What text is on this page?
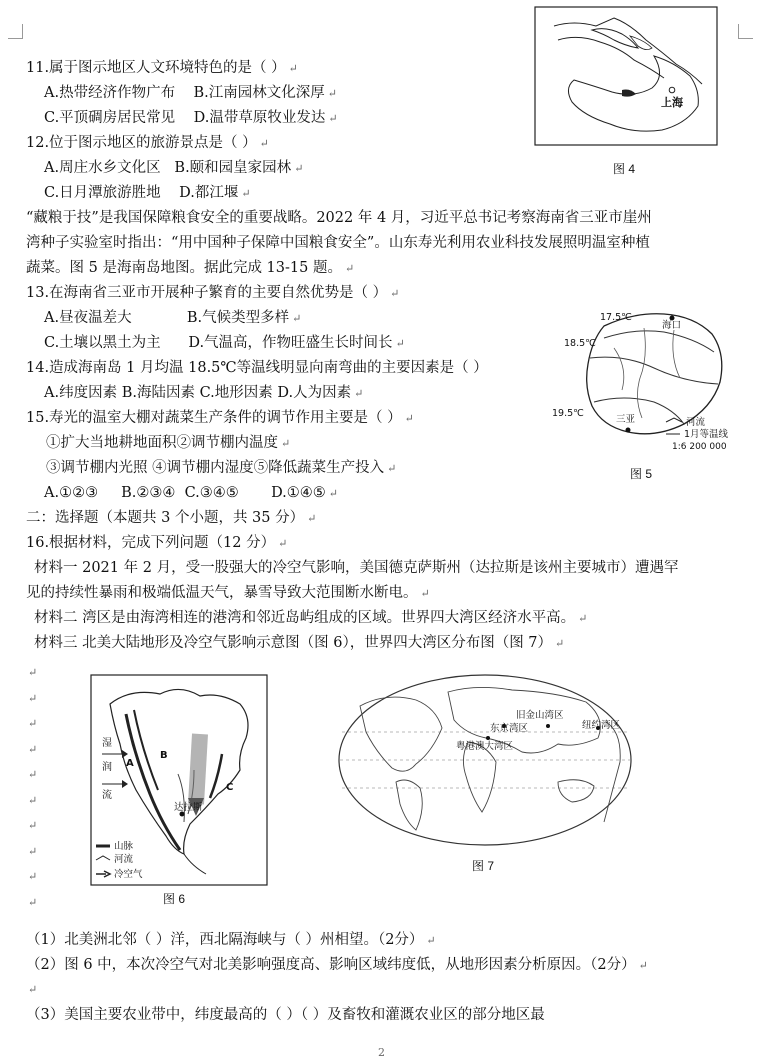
11.属于图示地区人文环境特色的是（ ） ↵
A.热带经济作物广布 B.江南园林文化深厚 ↵
C.平顶碉房居民常见 D.温带草原牧业发达 ↵
12.位于图示地区的旅游景点是（ ） ↵
A.周庄水乡文化区 B.颐和园皇家园林 ↵
C.日月潭旅游胜地 D.都江堰 ↵
上海
图 4
“藏粮于技”是我国保障粮食安全的重要战略。2022 年 4 月，习近平总书记考察海南省三亚市崖州
湾种子实验室时指出：“用中国种子保障中国粮食安全”。山东寿光利用农业科技发展照明温室种植
蔬菜。图 5 是海南岛地图。据此完成 13-15 题。 ↵
13.在海南省三亚市开展种子繁育的主要自然优势是（ ） ↵
A.昼夜温差大	B.气候类型多样 ↵
C.土壤以黑土为主 D.气温高，作物旺盛生长时间长 ↵
14.造成海南岛 1 月均温 18.5℃等温线明显向南弯曲的主要因素是（ ）
A.纬度因素 B.海陆因素 C.地形因素 D.人为因素 ↵
15.寿光的温室大棚对蔬菜生产条件的调节作用主要是（ ） ↵
①扩大当地耕地面积②调节棚内温度 ↵
③调节棚内光照 ④调节棚内湿度⑤降低蔬菜生产投入 ↵
A.①②③ B.②③④ C.③④⑤ D.①④⑤ ↵
17.5℃
18.5℃
19.5℃
海口
三亚	河流
1月等温线
1:6 200 000
图 5
二：选择题（本题共 3 个小题，共 35 分） ↵
16.根据材料，完成下列问题（12 分） ↵
材料一 2021 年 2 月，受一股强大的冷空气影响，美国德克萨斯州（达拉斯是该州主要城市）遭遇罕
见的持续性暴雨和极端低温天气，暴雪导致大范围断水断电。 ↵
材料二 湾区是由海湾相连的港湾和邻近岛屿组成的区域。世界四大湾区经济水平高。 ↵
材料三 北美大陆地形及冷空气影响示意图（图 6），世界四大湾区分布图（图 7） ↵
↵
↵
↵
↵
↵
↵
↵
↵
↵
↵
湿
润
流
A
B
C
达拉斯
山脉
河流
冷空气
图 6
旧金山湾区
东京湾区
粤港澳大湾区
纽约湾区
图 7
（1）北美洲北邻（ ）洋，西北隔海峡与（ ）州相望。（2分） ↵
（2）图 6 中，本次冷空气对北美影响强度高、影响区域纬度低，从地形因素分析原因。（2分） ↵
↵
（3）美国主要农业带中，纬度最高的（ ）（ ）及畜牧和灌溉农业区的部分地区最
2
